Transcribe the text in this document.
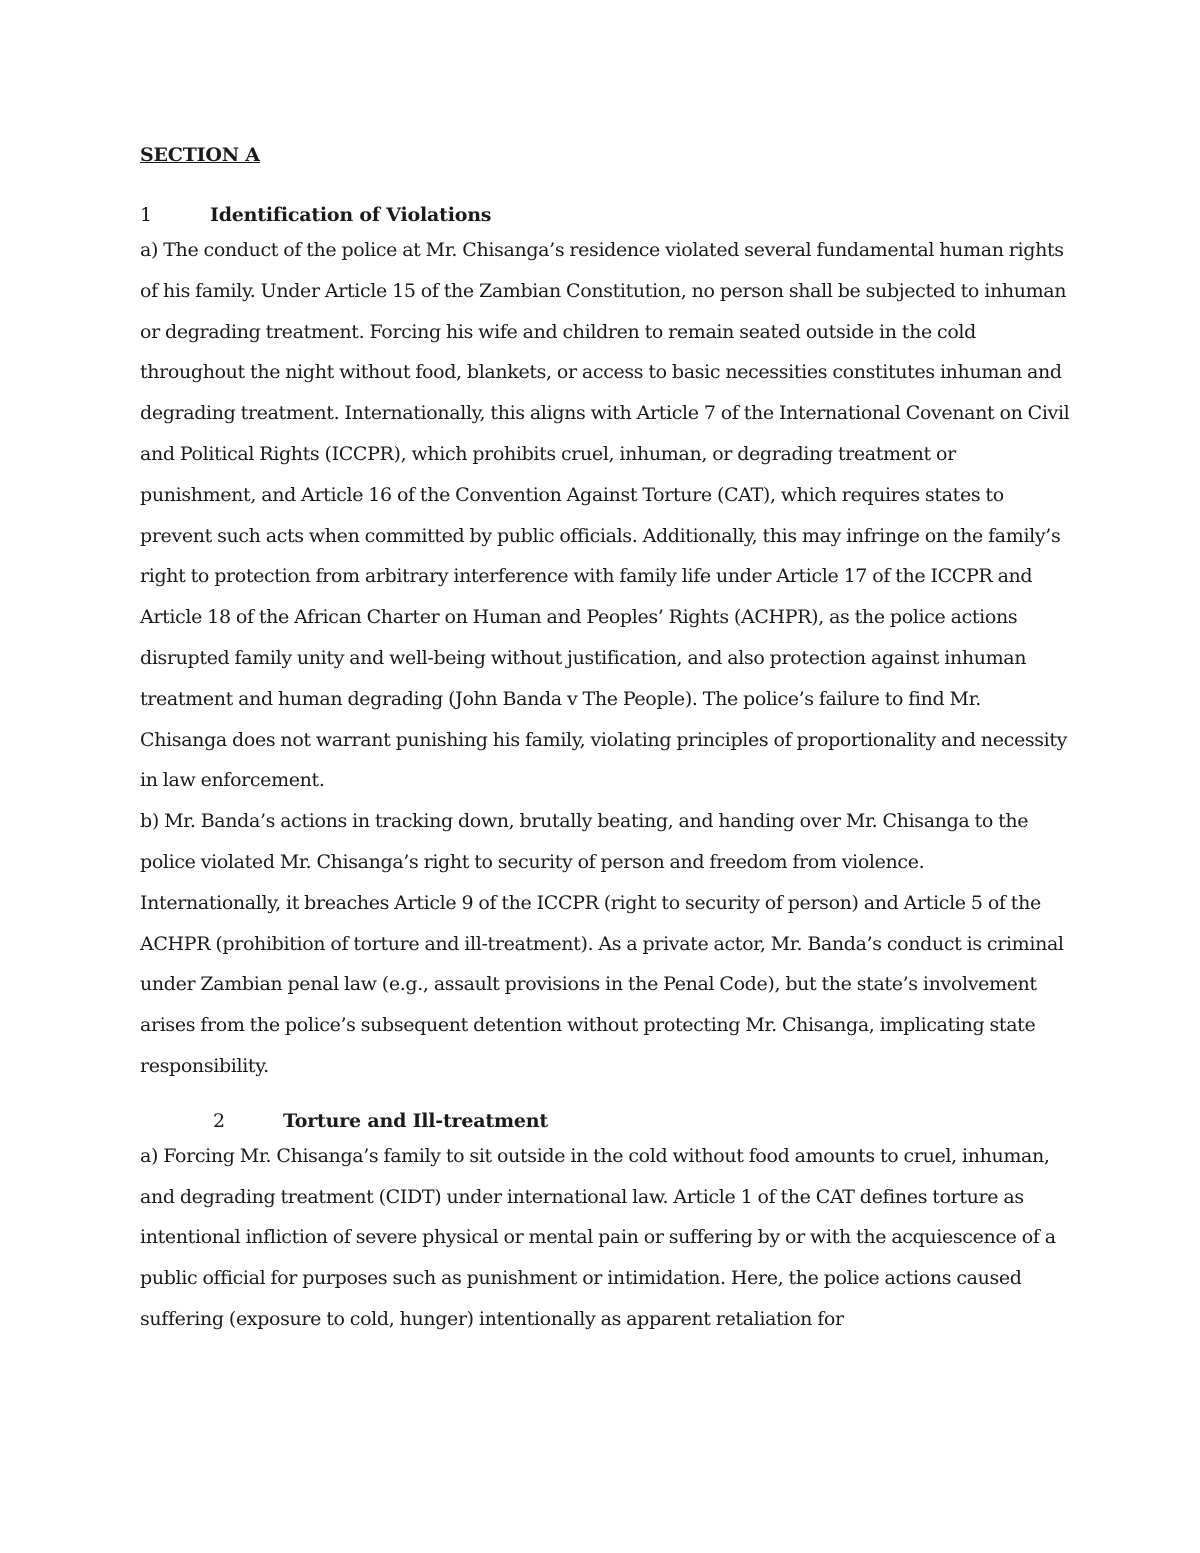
SECTION A
1	Identification of Violations

a) The conduct of the police at Mr. Chisanga’s residence violated several fundamental human rights of his family. Under Article 15 of the Zambian Constitution, no person shall be subjected to inhuman or degrading treatment. Forcing his wife and children to remain seated outside in the cold throughout the night without food, blankets, or access to basic necessities constitutes inhuman and degrading treatment. Internationally, this aligns with Article 7 of the International Covenant on Civil and Political Rights (ICCPR), which prohibits cruel, inhuman, or degrading treatment or punishment, and Article 16 of the Convention Against Torture (CAT), which requires states to prevent such acts when committed by public officials. Additionally, this may infringe on the family’s right to protection from arbitrary interference with family life under Article 17 of the ICCPR and Article 18 of the African Charter on Human and Peoples’ Rights (ACHPR), as the police actions disrupted family unity and well-being without justification, and also protection against inhuman treatment and human degrading (John Banda v The People). The police’s failure to find Mr. Chisanga does not warrant punishing his family, violating principles of proportionality and necessity in law enforcement.

b) Mr. Banda’s actions in tracking down, brutally beating, and handing over Mr. Chisanga to the police violated Mr. Chisanga’s right to security of person and freedom from violence. Internationally, it breaches Article 9 of the ICCPR (right to security of person) and Article 5 of the ACHPR (prohibition of torture and ill-treatment). As a private actor, Mr. Banda’s conduct is criminal under Zambian penal law (e.g., assault provisions in the Penal Code), but the state’s involvement arises from the police’s subsequent detention without protecting Mr. Chisanga, implicating state responsibility.

2	Torture and Ill-treatment

a) Forcing Mr. Chisanga’s family to sit outside in the cold without food amounts to cruel, inhuman, and degrading treatment (CIDT) under international law. Article 1 of the CAT defines torture as intentional infliction of severe physical or mental pain or suffering by or with the acquiescence of a public official for purposes such as punishment or intimidation. Here, the police actions caused suffering (exposure to cold, hunger) intentionally as apparent retaliation for
